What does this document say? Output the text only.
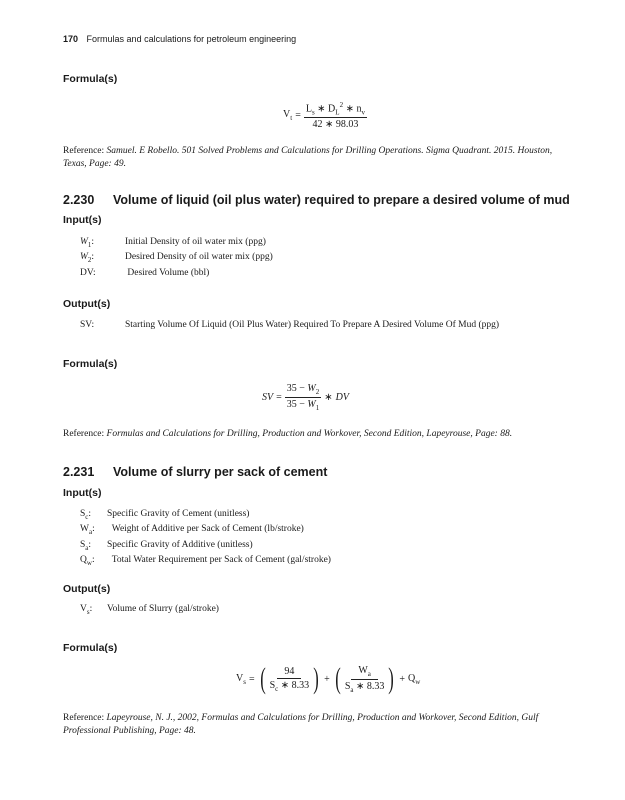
170 Formulas and calculations for petroleum engineering
Formula(s)
$V_t = \frac{L_s ∗ D_L^2 ∗ n_v}{42 ∗ 98.03}$
Reference: Samuel. E Robello. 501 Solved Problems and Calculations for Drilling Operations. Sigma Quadrant. 2015. Houston, Texas, Page: 49.
2.230 Volume of liquid (oil plus water) required to prepare a desired volume of mud
Input(s)
$W_1$:	Initial Density of oil water mix (ppg)
$W_2$:	Desired Density of oil water mix (ppg)
DV:	Desired Volume (bbl)
Output(s)
SV:	Starting Volume Of Liquid (Oil Plus Water) Required To Prepare A Desired Volume Of Mud (ppg)
Formula(s)
SV = $\frac{35 - W_2}{35 - W_1}$ ∗ DV
Reference: Formulas and Calculations for Drilling, Production and Workover, Second Edition, Lapeyrouse, Page: 88.
2.231 Volume of slurry per sack of cement
Input(s)
$S_c$: Specific Gravity of Cement (unitless)
$W_a$: Weight of Additive per Sack of Cement (lb/stroke)
$S_a$: Specific Gravity of Additive (unitless)
$Q_w$: Total Water Requirement per Sack of Cement (gal/stroke)
Output(s)
$V_s$: Volume of Slurry (gal/stroke)
Formula(s)
$V_s$ = ( $\frac{94}{S_c ∗ 8.33}$ ) + ( $\frac{W_a}{S_a ∗ 8.33}$ ) + $Q_w$
Reference: Lapeyrouse, N. J., 2002, Formulas and Calculations for Drilling, Production and Workover, Second Edition, Gulf Professional Publishing, Page: 48.
